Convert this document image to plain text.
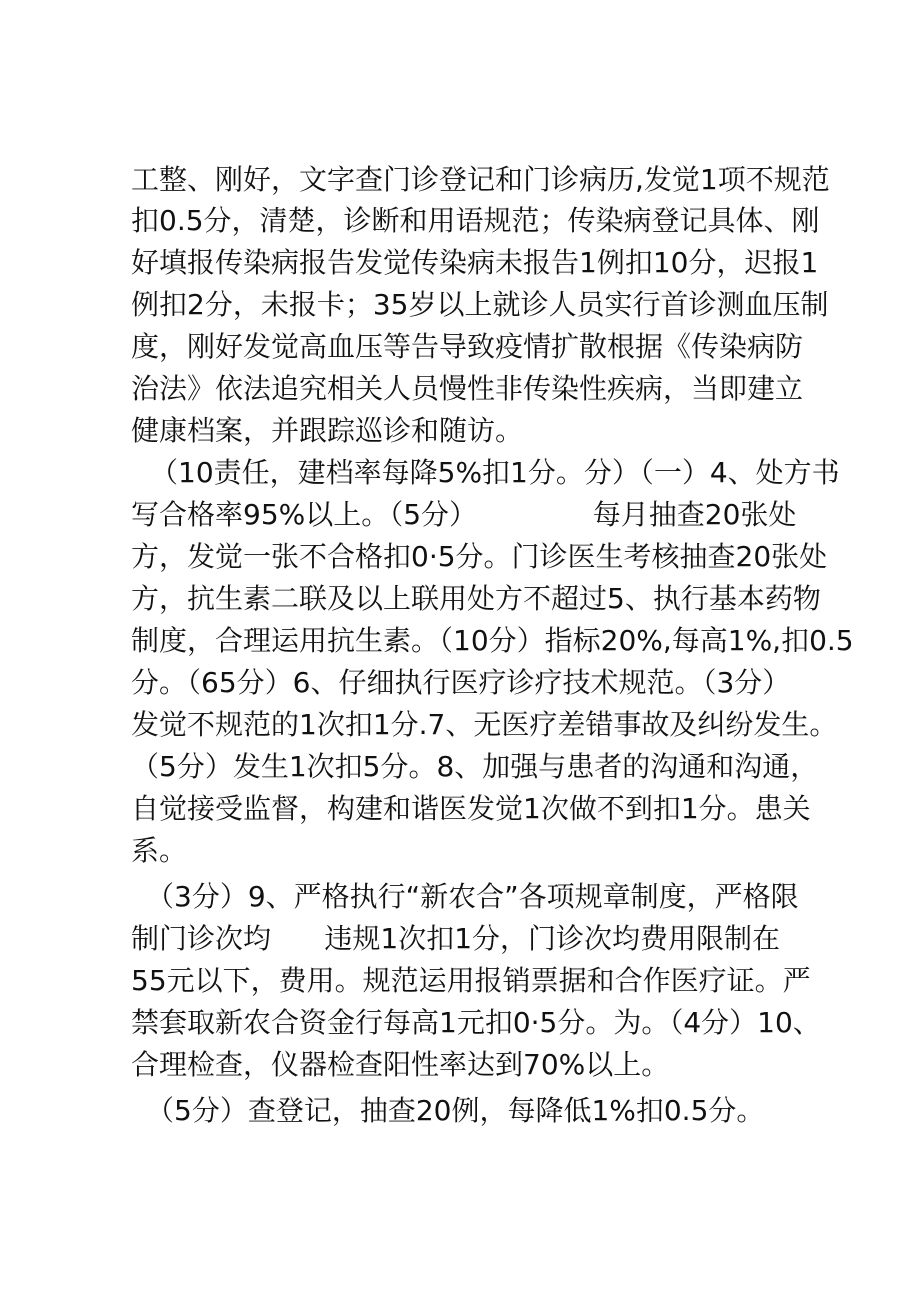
工整、刚好，文字查门诊登记和门诊病历,发觉1项不规范
扣0.5分，清楚，诊断和用语规范；传染病登记具体、刚
好填报传染病报告发觉传染病未报告1例扣10分，迟报1
例扣2分，未报卡；35岁以上就诊人员实行首诊测血压制
度，刚好发觉高血压等告导致疫情扩散根据《传染病防
治法》依法追究相关人员慢性非传染性疾病，当即建立
健康档案，并跟踪巡诊和随访。
（10责任，建档率每降5%扣1分。分）（一）4、处方书
写合格率95%以上。（5分）             每月抽查20张处
方，发觉一张不合格扣0·5分。门诊医生考核抽查20张处
方，抗生素二联及以上联用处方不超过5、执行基本药物
制度，合理运用抗生素。（10分）指标20%,每高1%,扣0.5
分。（65分）6、仔细执行医疗诊疗技术规范。（3分）
发觉不规范的1次扣1分.7、无医疗差错事故及纠纷发生。
（5分）发生1次扣5分。8、加强与患者的沟通和沟通，
自觉接受监督，构建和谐医发觉1次做不到扣1分。患关
系。
（3分）9、严格执行“新农合”各项规章制度，严格限
制门诊次均      违规1次扣1分，门诊次均费用限制在
55元以下，费用。规范运用报销票据和合作医疗证。严
禁套取新农合资金行每高1元扣0·5分。为。（4分）10、
合理检查，仪器检查阳性率达到70%以上。
（5分）查登记，抽查20例，每降低1%扣0.5分。
